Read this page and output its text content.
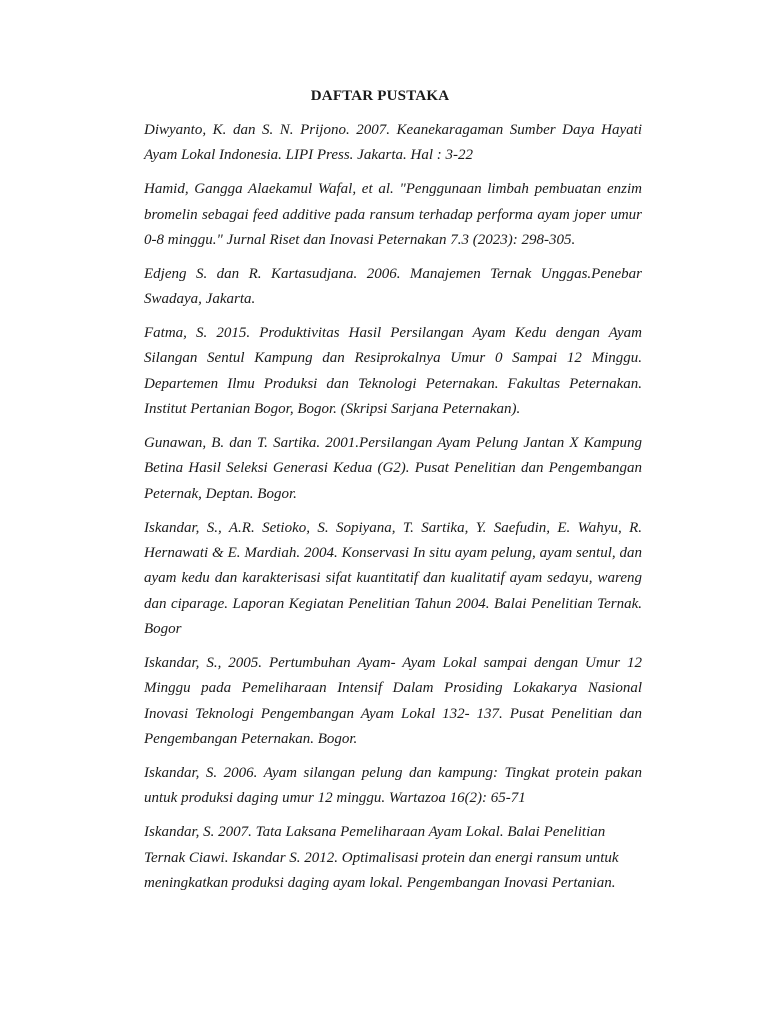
DAFTAR PUSTAKA

Diwyanto, K. dan S. N. Prijono. 2007. Keanekaragaman Sumber Daya Hayati Ayam Lokal Indonesia. LIPI Press. Jakarta. Hal : 3-22

Hamid, Gangga Alaekamul Wafal, et al. "Penggunaan limbah pembuatan enzim bromelin sebagai feed additive pada ransum terhadap performa ayam joper umur 0-8 minggu." Jurnal Riset dan Inovasi Peternakan 7.3 (2023): 298-305.

Edjeng S. dan R. Kartasudjana. 2006. Manajemen Ternak Unggas.Penebar Swadaya, Jakarta.

Fatma, S. 2015. Produktivitas Hasil Persilangan Ayam Kedu dengan Ayam Silangan Sentul Kampung dan Resiprokalnya Umur 0 Sampai 12 Minggu. Departemen Ilmu Produksi dan Teknologi Peternakan. Fakultas Peternakan. Institut Pertanian Bogor, Bogor. (Skripsi Sarjana Peternakan).

Gunawan, B. dan T. Sartika. 2001.Persilangan Ayam Pelung Jantan X Kampung Betina Hasil Seleksi Generasi Kedua (G2). Pusat Penelitian dan Pengembangan Peternak, Deptan. Bogor.

Iskandar, S., A.R. Setioko, S. Sopiyana, T. Sartika, Y. Saefudin, E. Wahyu, R. Hernawati & E. Mardiah. 2004. Konservasi In situ ayam pelung, ayam sentul, dan ayam kedu dan karakterisasi sifat kuantitatif dan kualitatif ayam sedayu, wareng dan ciparage. Laporan Kegiatan Penelitian Tahun 2004. Balai Penelitian Ternak. Bogor

Iskandar, S., 2005. Pertumbuhan Ayam- Ayam Lokal sampai dengan Umur 12 Minggu pada Pemeliharaan Intensif Dalam Prosiding Lokakarya Nasional Inovasi Teknologi Pengembangan Ayam Lokal 132- 137. Pusat Penelitian dan Pengembangan Peternakan. Bogor.

Iskandar, S. 2006. Ayam silangan pelung dan kampung: Tingkat protein pakan untuk produksi daging umur 12 minggu. Wartazoa 16(2): 65-71

Iskandar, S. 2007. Tata Laksana Pemeliharaan Ayam Lokal. Balai Penelitian Ternak Ciawi. Iskandar S. 2012. Optimalisasi protein dan energi ransum untuk meningkatkan produksi daging ayam lokal. Pengembangan Inovasi Pertanian.
